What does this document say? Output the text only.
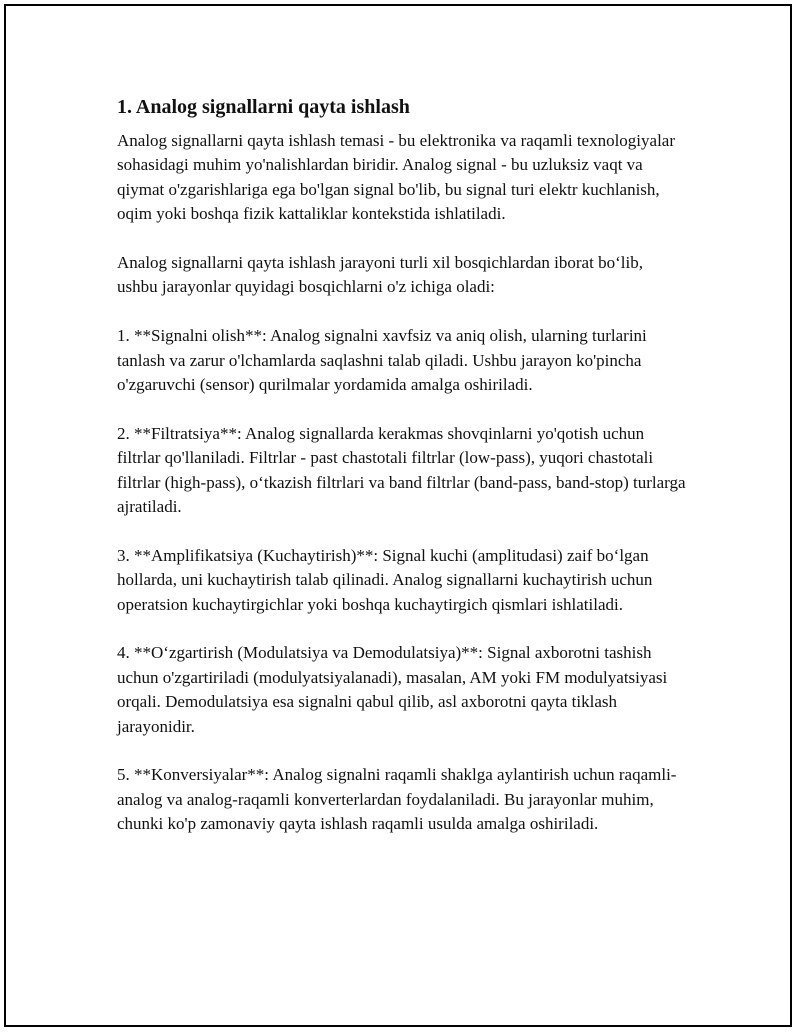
1. Analog signallarni qayta ishlash

Analog signallarni qayta ishlash temasi - bu elektronika va raqamli texnologiyalar sohasidagi muhim yo'nalishlardan biridir. Analog signal - bu uzluksiz vaqt va qiymat o'zgarishlariga ega bo'lgan signal bo'lib, bu signal turi elektr kuchlanish, oqim yoki boshqa fizik kattaliklar kontekstida ishlatiladi.

Analog signallarni qayta ishlash jarayoni turli xil bosqichlardan iborat bo‘lib, ushbu jarayonlar quyidagi bosqichlarni o'z ichiga oladi:

1. **Signalni olish**: Analog signalni xavfsiz va aniq olish, ularning turlarini tanlash va zarur o'lchamlarda saqlashni talab qiladi. Ushbu jarayon ko'pincha o'zgaruvchi (sensor) qurilmalar yordamida amalga oshiriladi.

2. **Filtratsiya**: Analog signallarda kerakmas shovqinlarni yo'qotish uchun filtrlar qo'llaniladi. Filtrlar - past chastotali filtrlar (low-pass), yuqori chastotali filtrlar (high-pass), o‘tkazish filtrlari va band filtrlar (band-pass, band-stop) turlarga ajratiladi.

3. **Amplifikatsiya (Kuchaytirish)**: Signal kuchi (amplitudasi) zaif bo‘lgan hollarda, uni kuchaytirish talab qilinadi. Analog signallarni kuchaytirish uchun operatsion kuchaytirgichlar yoki boshqa kuchaytirgich qismlari ishlatiladi.

4. **O‘zgartirish (Modulatsiya va Demodulatsiya)**: Signal axborotni tashish uchun o'zgartiriladi (modulyatsiyalanadi), masalan, AM yoki FM modulyatsiyasi orqali. Demodulatsiya esa signalni qabul qilib, asl axborotni qayta tiklash jarayonidir.

5. **Konversiyalar**: Analog signalni raqamli shaklga aylantirish uchun raqamli-analog va analog-raqamli konverterlardan foydalaniladi. Bu jarayonlar muhim, chunki ko'p zamonaviy qayta ishlash raqamli usulda amalga oshiriladi.
